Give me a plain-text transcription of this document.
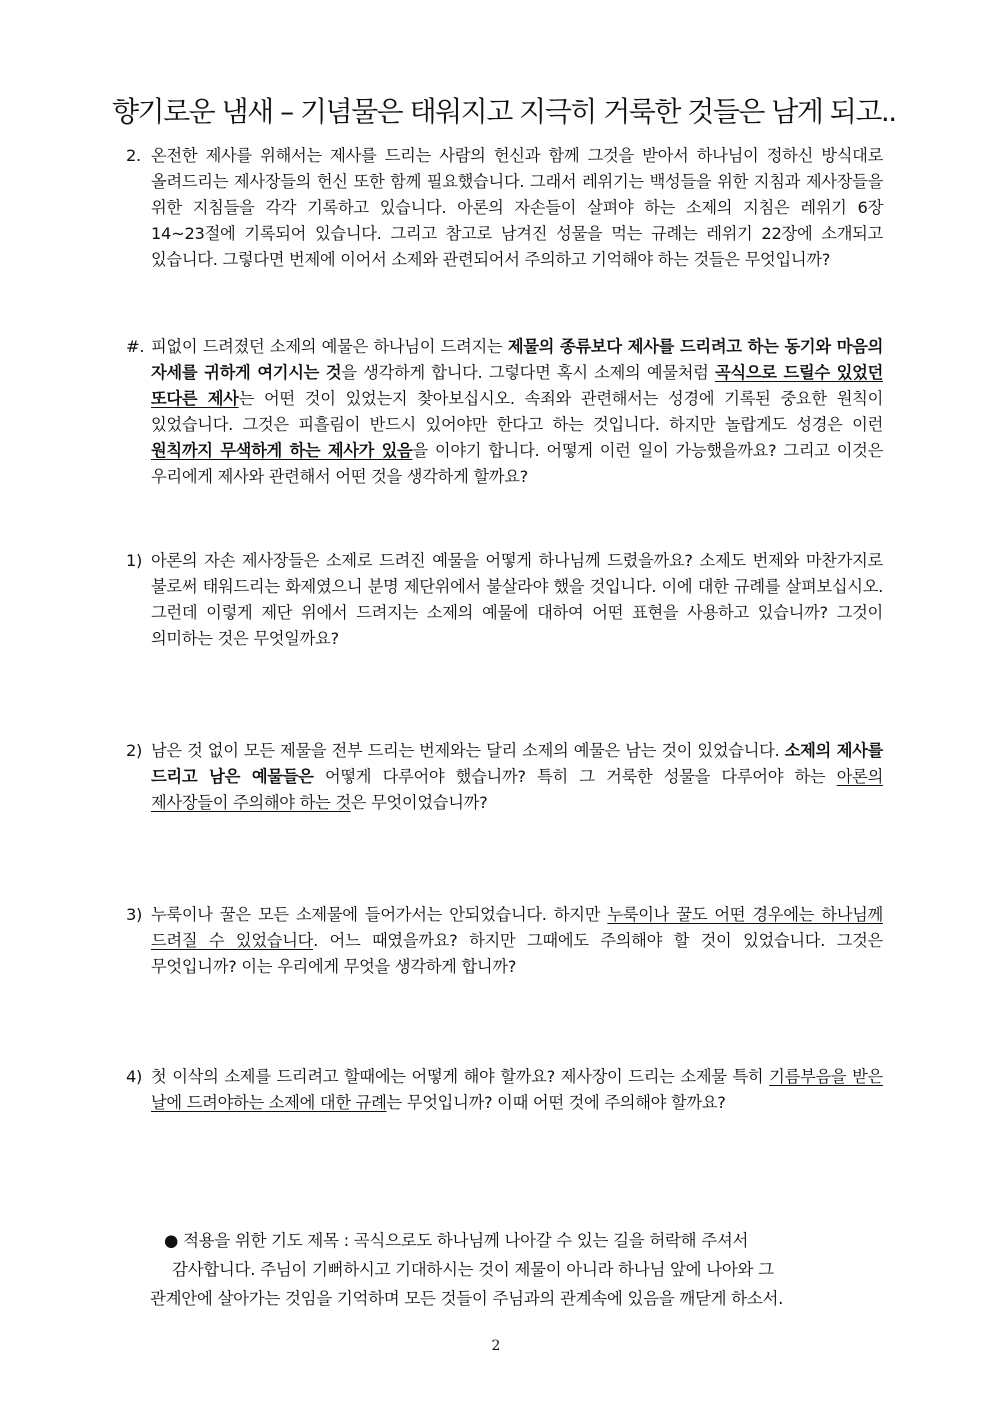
향기로운 냄새 – 기념물은 태워지고 지극히 거룩한 것들은 남게 되고..

2. 온전한 제사를 위해서는 제사를 드리는 사람의 헌신과 함께 그것을 받아서 하나님이 정하신 방식대로 올려드리는 제사장들의 헌신 또한 함께 필요했습니다. 그래서 레위기는 백성들을 위한 지침과 제사장들을 위한 지침들을 각각 기록하고 있습니다. 아론의 자손들이 살펴야 하는 소제의 지침은 레위기 6장 14~23절에 기록되어 있습니다. 그리고 참고로 남겨진 성물을 먹는 규례는 레위기 22장에 소개되고 있습니다. 그렇다면 번제에 이어서 소제와 관련되어서 주의하고 기억해야 하는 것들은 무엇입니까?

#. 피없이 드려졌던 소제의 예물은 하나님이 드려지는 제물의 종류보다 제사를 드리려고 하는 동기와 마음의 자세를 귀하게 여기시는 것을 생각하게 합니다. 그렇다면 혹시 소제의 예물처럼 곡식으로 드릴수 있었던 또다른 제사는 어떤 것이 있었는지 찾아보십시오. 속죄와 관련해서는 성경에 기록된 중요한 원칙이 있었습니다. 그것은 피흘림이 반드시 있어야만 한다고 하는 것입니다. 하지만 놀랍게도 성경은 이런 원칙까지 무색하게 하는 제사가 있음을 이야기 합니다. 어떻게 이런 일이 가능했을까요? 그리고 이것은 우리에게 제사와 관련해서 어떤 것을 생각하게 할까요?

1) 아론의 자손 제사장들은 소제로 드려진 예물을 어떻게 하나님께 드렸을까요? 소제도 번제와 마찬가지로 불로써 태워드리는 화제였으니 분명 제단위에서 불살라야 했을 것입니다. 이에 대한 규례를 살펴보십시오. 그런데 이렇게 제단 위에서 드려지는 소제의 예물에 대하여 어떤 표현을 사용하고 있습니까? 그것이 의미하는 것은 무엇일까요?

2) 남은 것 없이 모든 제물을 전부 드리는 번제와는 달리 소제의 예물은 남는 것이 있었습니다. 소제의 제사를 드리고 남은 예물들은 어떻게 다루어야 했습니까? 특히 그 거룩한 성물을 다루어야 하는 아론의 제사장들이 주의해야 하는 것은 무엇이었습니까?

3) 누룩이나 꿀은 모든 소제물에 들어가서는 안되었습니다. 하지만 누룩이나 꿀도 어떤 경우에는 하나님께 드려질 수 있었습니다. 어느 때였을까요? 하지만 그때에도 주의해야 할 것이 있었습니다. 그것은 무엇입니까? 이는 우리에게 무엇을 생각하게 합니까?

4) 첫 이삭의 소제를 드리려고 할때에는 어떻게 해야 할까요? 제사장이 드리는 소제물 특히 기름부음을 받은 날에 드려야하는 소제에 대한 규례는 무엇입니까? 이때 어떤 것에 주의해야 할까요?

● 적용을 위한 기도 제목 : 곡식으로도 하나님께 나아갈 수 있는 길을 허락해 주셔서
감사합니다. 주님이 기뻐하시고 기대하시는 것이 제물이 아니라 하나님 앞에 나아와 그
관계안에 살아가는 것임을 기억하며 모든 것들이 주님과의 관계속에 있음을 깨닫게 하소서.
2
